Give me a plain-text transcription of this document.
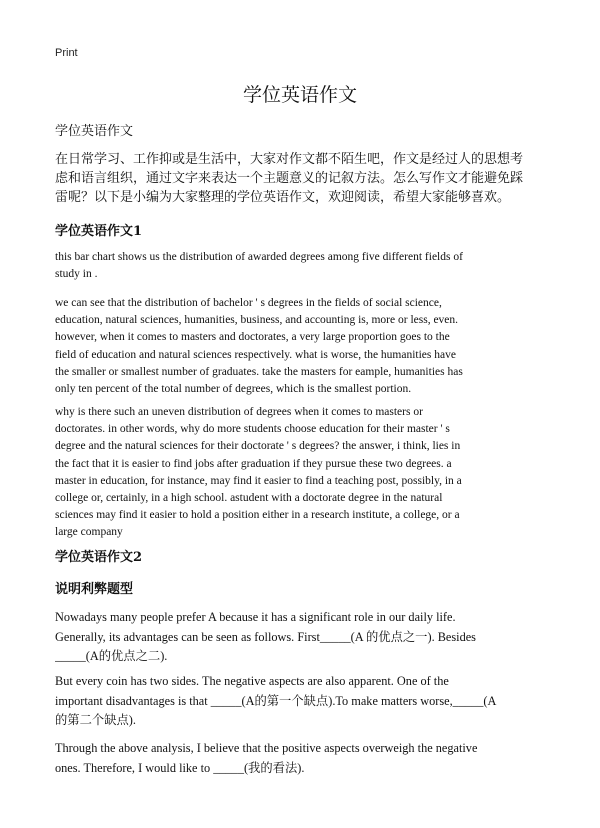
Print
学位英语作文
学位英语作文
在日常学习、工作抑或是生活中，大家对作文都不陌生吧，作文是经过人的思想考
虑和语言组织，通过文字来表达一个主题意义的记叙方法。怎么写作文才能避免踩
雷呢？以下是小编为大家整理的学位英语作文，欢迎阅读，希望大家能够喜欢。
学位英语作文1
this bar chart shows us the distribution of awarded degrees among five different fields of
study in .
we can see that the distribution of bachelor ' s degrees in the fields of social science,
education, natural sciences, humanities, business, and accounting is, more or less, even.
however, when it comes to masters and doctorates, a very large proportion goes to the
field of education and natural sciences respectively. what is worse, the humanities have
the smaller or smallest number of graduates. take the masters for eample, humanities has
only ten percent of the total number of degrees, which is the smallest portion.
why is there such an uneven distribution of degrees when it comes to masters or
doctorates. in other words, why do more students choose education for their master ' s
degree and the natural sciences for their doctorate ' s degrees? the answer, i think, lies in
the fact that it is easier to find jobs after graduation if they pursue these two degrees. a
master in education, for instance, may find it easier to find a teaching post, possibly, in a
college or, certainly, in a high school. astudent with a doctorate degree in the natural
sciences may find it easier to hold a position either in a research institute, a college, or a
large company
学位英语作文2
说明利弊题型
Nowadays many people prefer A because it has a significant role in our daily life.
Generally, its advantages can be seen as follows. First_____(A 的优点之一). Besides
_____(A的优点之二).
But every coin has two sides. The negative aspects are also apparent. One of the
important disadvantages is that _____(A的第一个缺点).To make matters worse,_____(A
的第二个缺点).
Through the above analysis, I believe that the positive aspects overweigh the negative
ones. Therefore, I would like to _____(我的看法).
